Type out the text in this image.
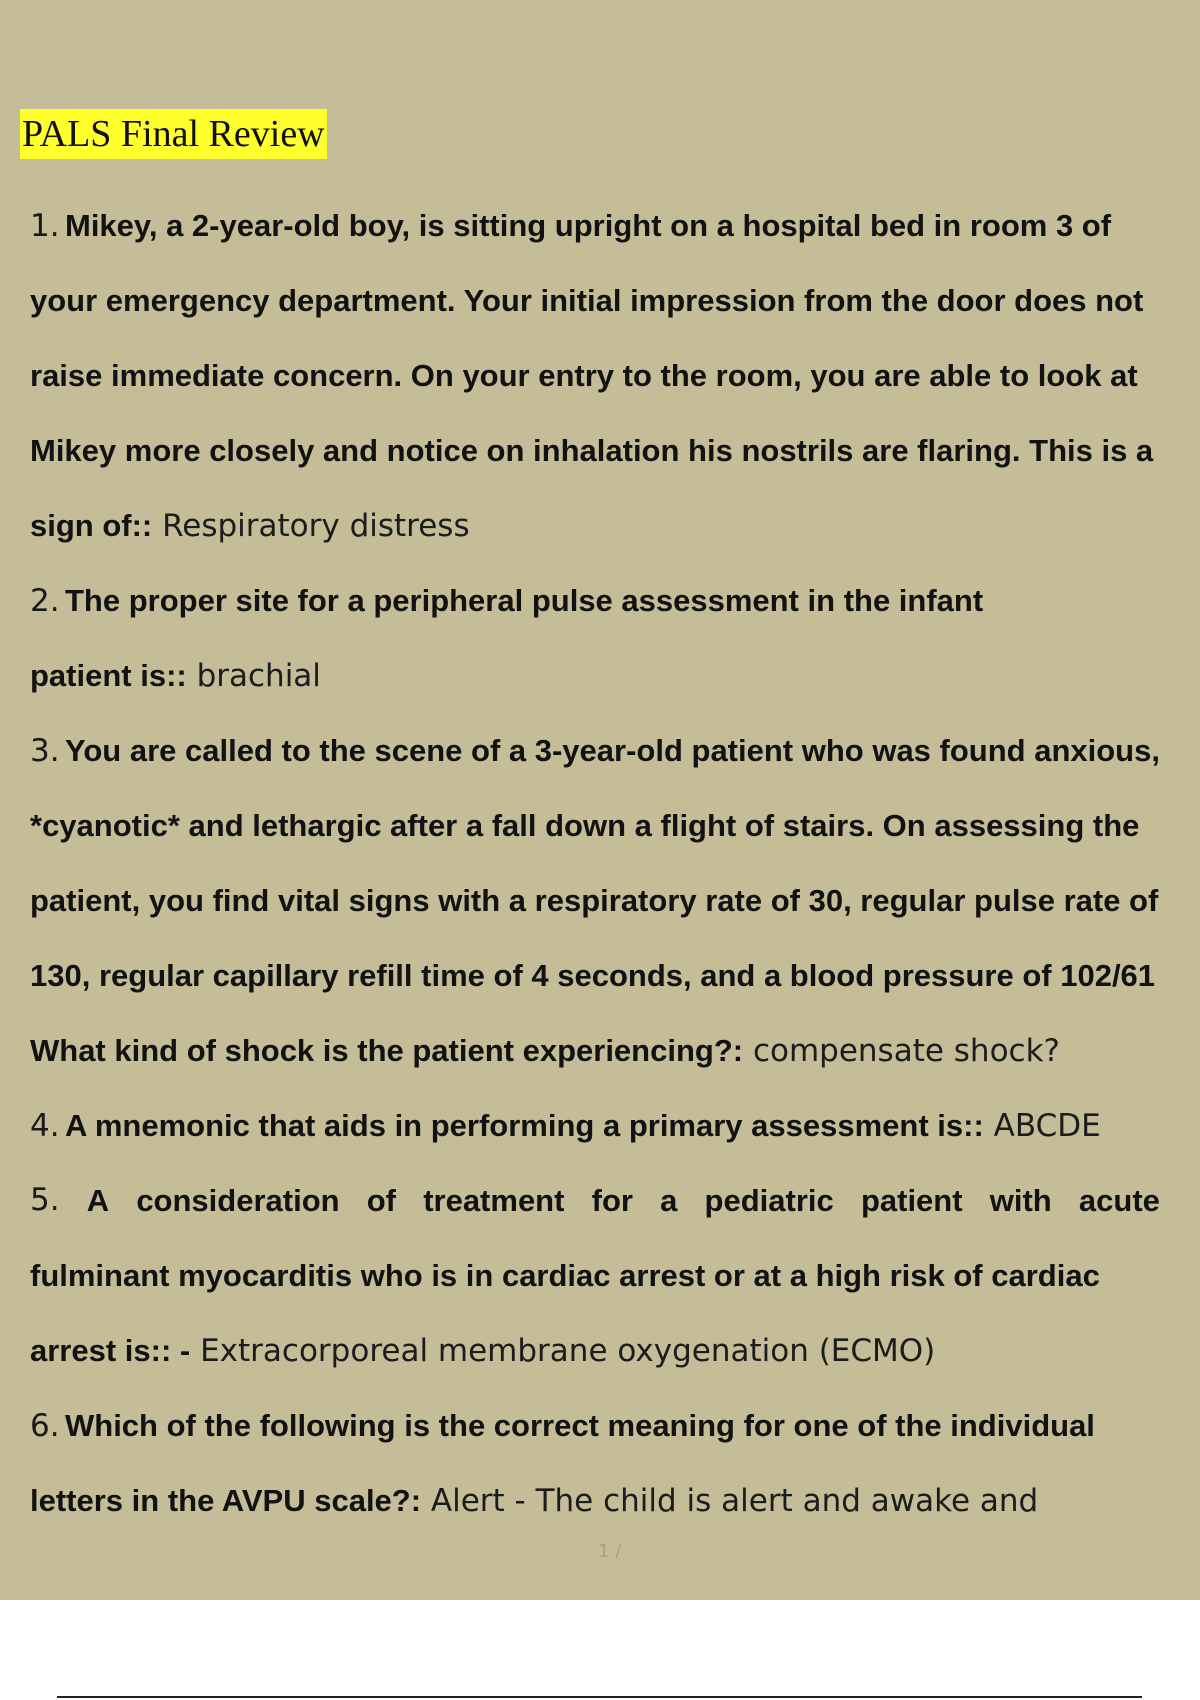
PALS Final Review
1. Mikey, a 2-year-old boy, is sitting upright on a hospital bed in room 3 of
your emergency department. Your initial impression from the door does not
raise immediate concern. On your entry to the room, you are able to look at
Mikey more closely and notice on inhalation his nostrils are flaring. This is a
sign of:: Respiratory distress
2. The proper site for a peripheral pulse assessment in the infant
patient is:: brachial
3. You are called to the scene of a 3-year-old patient who was found anxious,
*cyanotic* and lethargic after a fall down a flight of stairs. On assessing the
patient, you find vital signs with a respiratory rate of 30, regular pulse rate of
130, regular capillary refill time of 4 seconds, and a blood pressure of 102/61
What kind of shock is the patient experiencing?: compensate shock?
4. A mnemonic that aids in performing a primary assessment is:: ABCDE
5. A consideration of treatment for a pediatric patient with acute
fulminant myocarditis who is in cardiac arrest or at a high risk of cardiac
arrest is:: - Extracorporeal membrane oxygenation (ECMO)
6. Which of the following is the correct meaning for one of the individual
letters in the AVPU scale?: Alert - The child is alert and awake and
1 /
